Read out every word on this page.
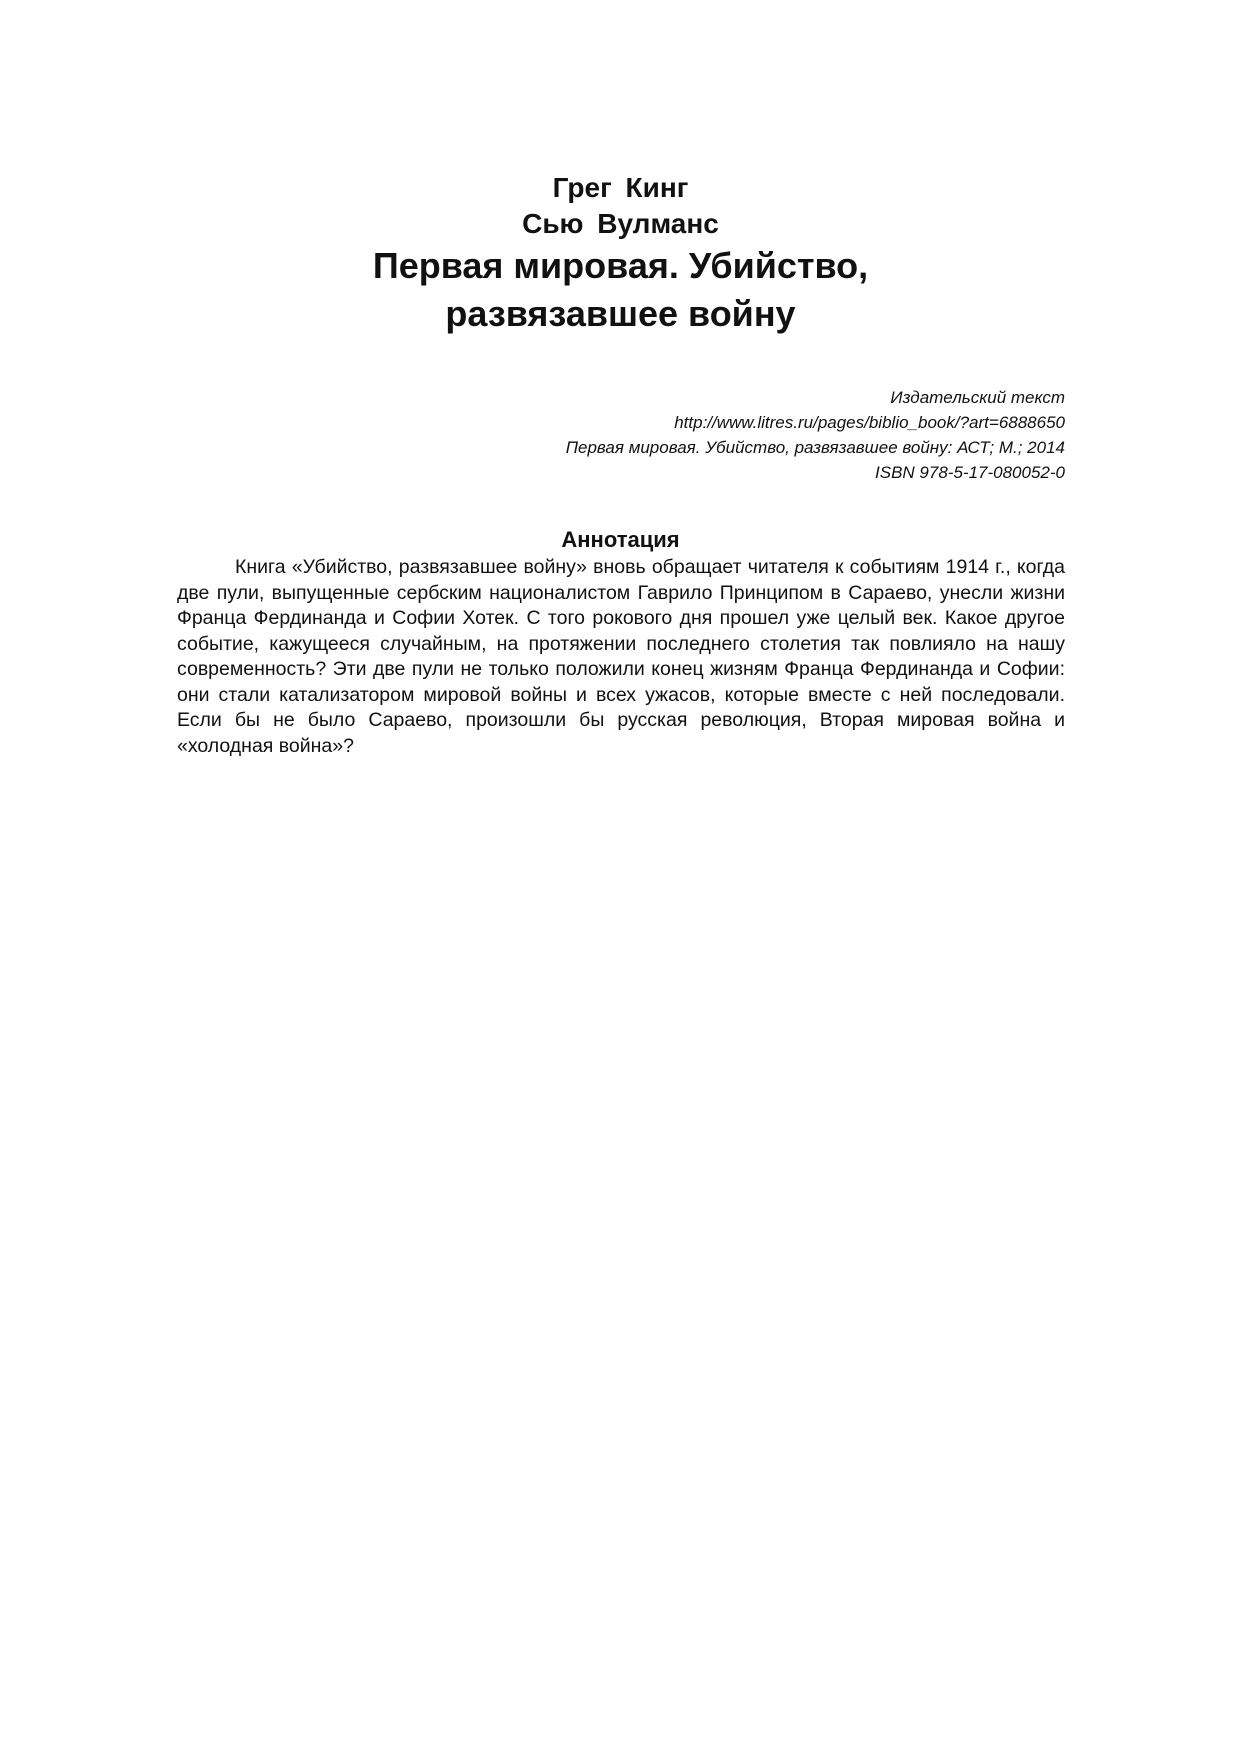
Грег Кинг
Сью Вулманс
Первая мировая. Убийство,
развязавшее войну
Издательский текст
http://www.litres.ru/pages/biblio_book/?art=6888650
Первая мировая. Убийство, развязавшее войну: АСТ; М.; 2014
ISBN 978-5-17-080052-0
Аннотация
Книга «Убийство, развязавшее войну» вновь обращает читателя к событиям 1914 г., когда две пули, выпущенные сербским националистом Гаврило Принципом в Сараево, унесли жизни Франца Фердинанда и Софии Хотек. С того рокового дня прошел уже целый век. Какое другое событие, кажущееся случайным, на протяжении последнего столетия так повлияло на нашу современность? Эти две пули не только положили конец жизням Франца Фердинанда и Софии: они стали катализатором мировой войны и всех ужасов, которые вместе с ней последовали. Если бы не было Сараево, произошли бы русская революция, Вторая мировая война и «холодная война»?
